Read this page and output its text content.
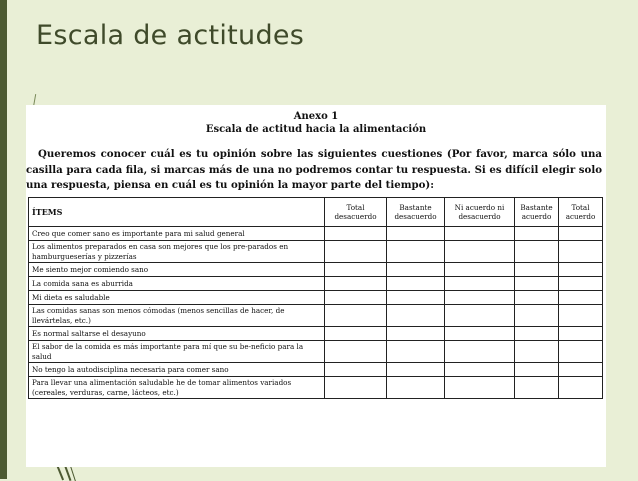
Escala de actitudes
Anexo 1
Escala de actitud hacia la alimentación

Queremos conocer cuál es tu opinión sobre las siguientes cuestiones (Por favor, marca sólo una casilla para cada fila, si marcas más de una no podremos contar tu respuesta. Si es difícil elegir solo una respuesta, piensa en cuál es tu opinión la mayor parte del tiempo):

ÍTEMS	Total desacuerdo	Bastante desacuerdo	Ni acuerdo ni desacuerdo	Bastante acuerdo	Total acuerdo
Creo que comer sano es importante para mi salud general					
Los alimentos preparados en casa son mejores que los pre-parados en hamburgueserías y pizzerías					
Me siento mejor comiendo sano					
La comida sana es aburrida					
Mi dieta es saludable					
Las comidas sanas son menos cómodas (menos sencillas de hacer, de llevártelas, etc.)					
Es normal saltarse el desayuno					
El sabor de la comida es más importante para mí que su be-neficio para la salud					
No tengo la autodisciplina necesaria para comer sano					
Para llevar una alimentación saludable he de tomar alimentos variados (cereales, verduras, carne, lácteos, etc.)					
